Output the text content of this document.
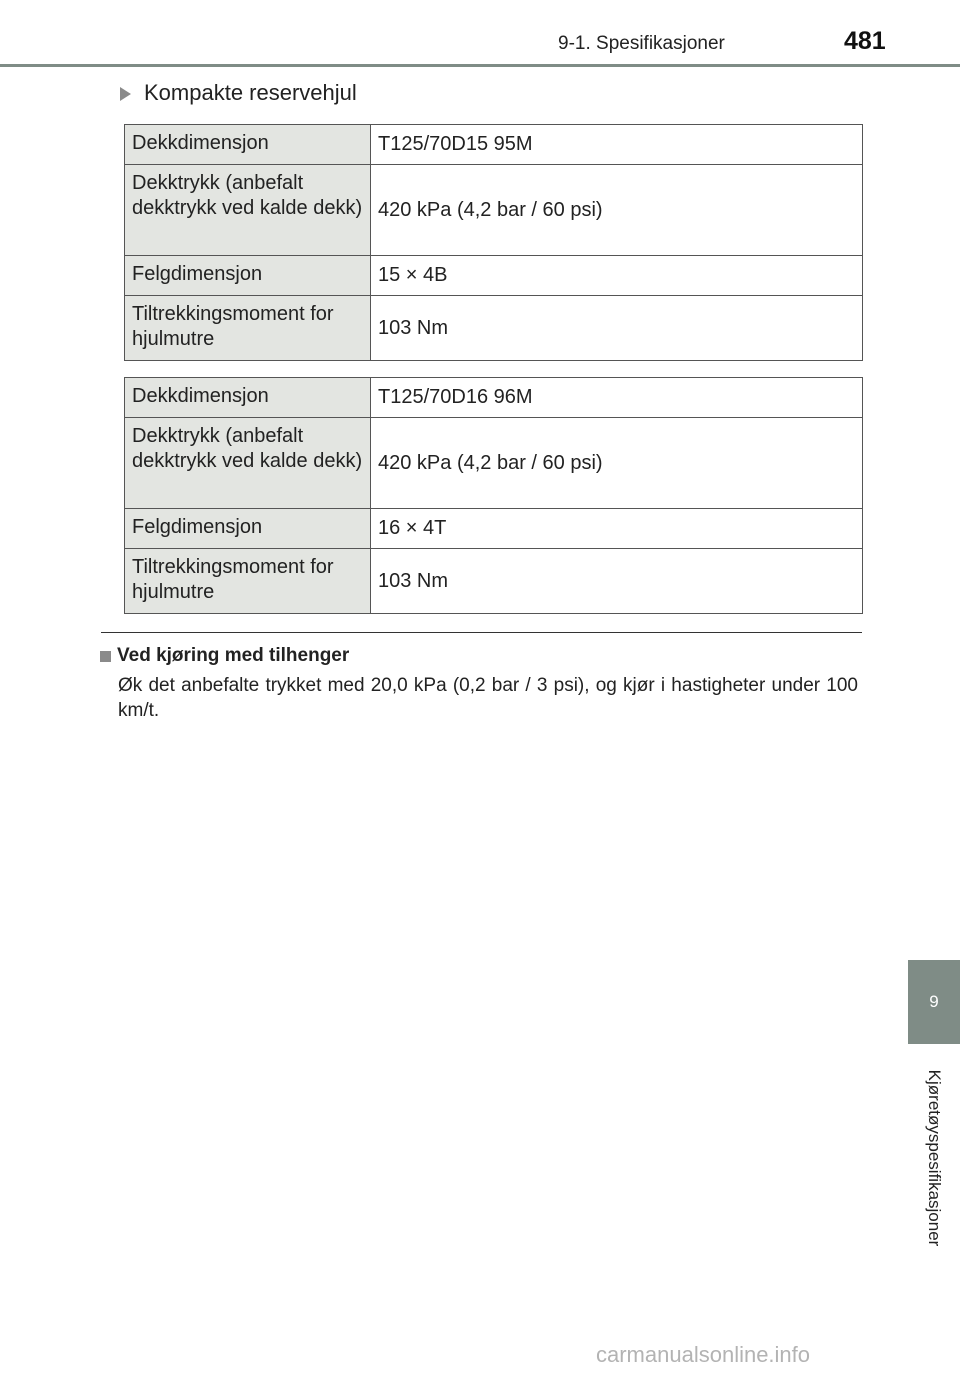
9-1. Spesifikasjoner	481
Kompakte reservehjul
Dekkdimensjon	T125/70D15 95M
Dekktrykk (anbefalt dekktrykk ved kalde dekk)	420 kPa (4,2 bar / 60 psi)
Felgdimensjon	15 × 4B
Tiltrekkingsmoment for hjulmutre	103 Nm
Dekkdimensjon	T125/70D16 96M
Dekktrykk (anbefalt dekktrykk ved kalde dekk)	420 kPa (4,2 bar / 60 psi)
Felgdimensjon	16 × 4T
Tiltrekkingsmoment for hjulmutre	103 Nm
Ved kjøring med tilhenger
Øk det anbefalte trykket med 20,0 kPa (0,2 bar / 3 psi), og kjør i hastigheter under 100 km/t.
9
Kjøretøyspesifikasjoner
carmanualsonline.info
